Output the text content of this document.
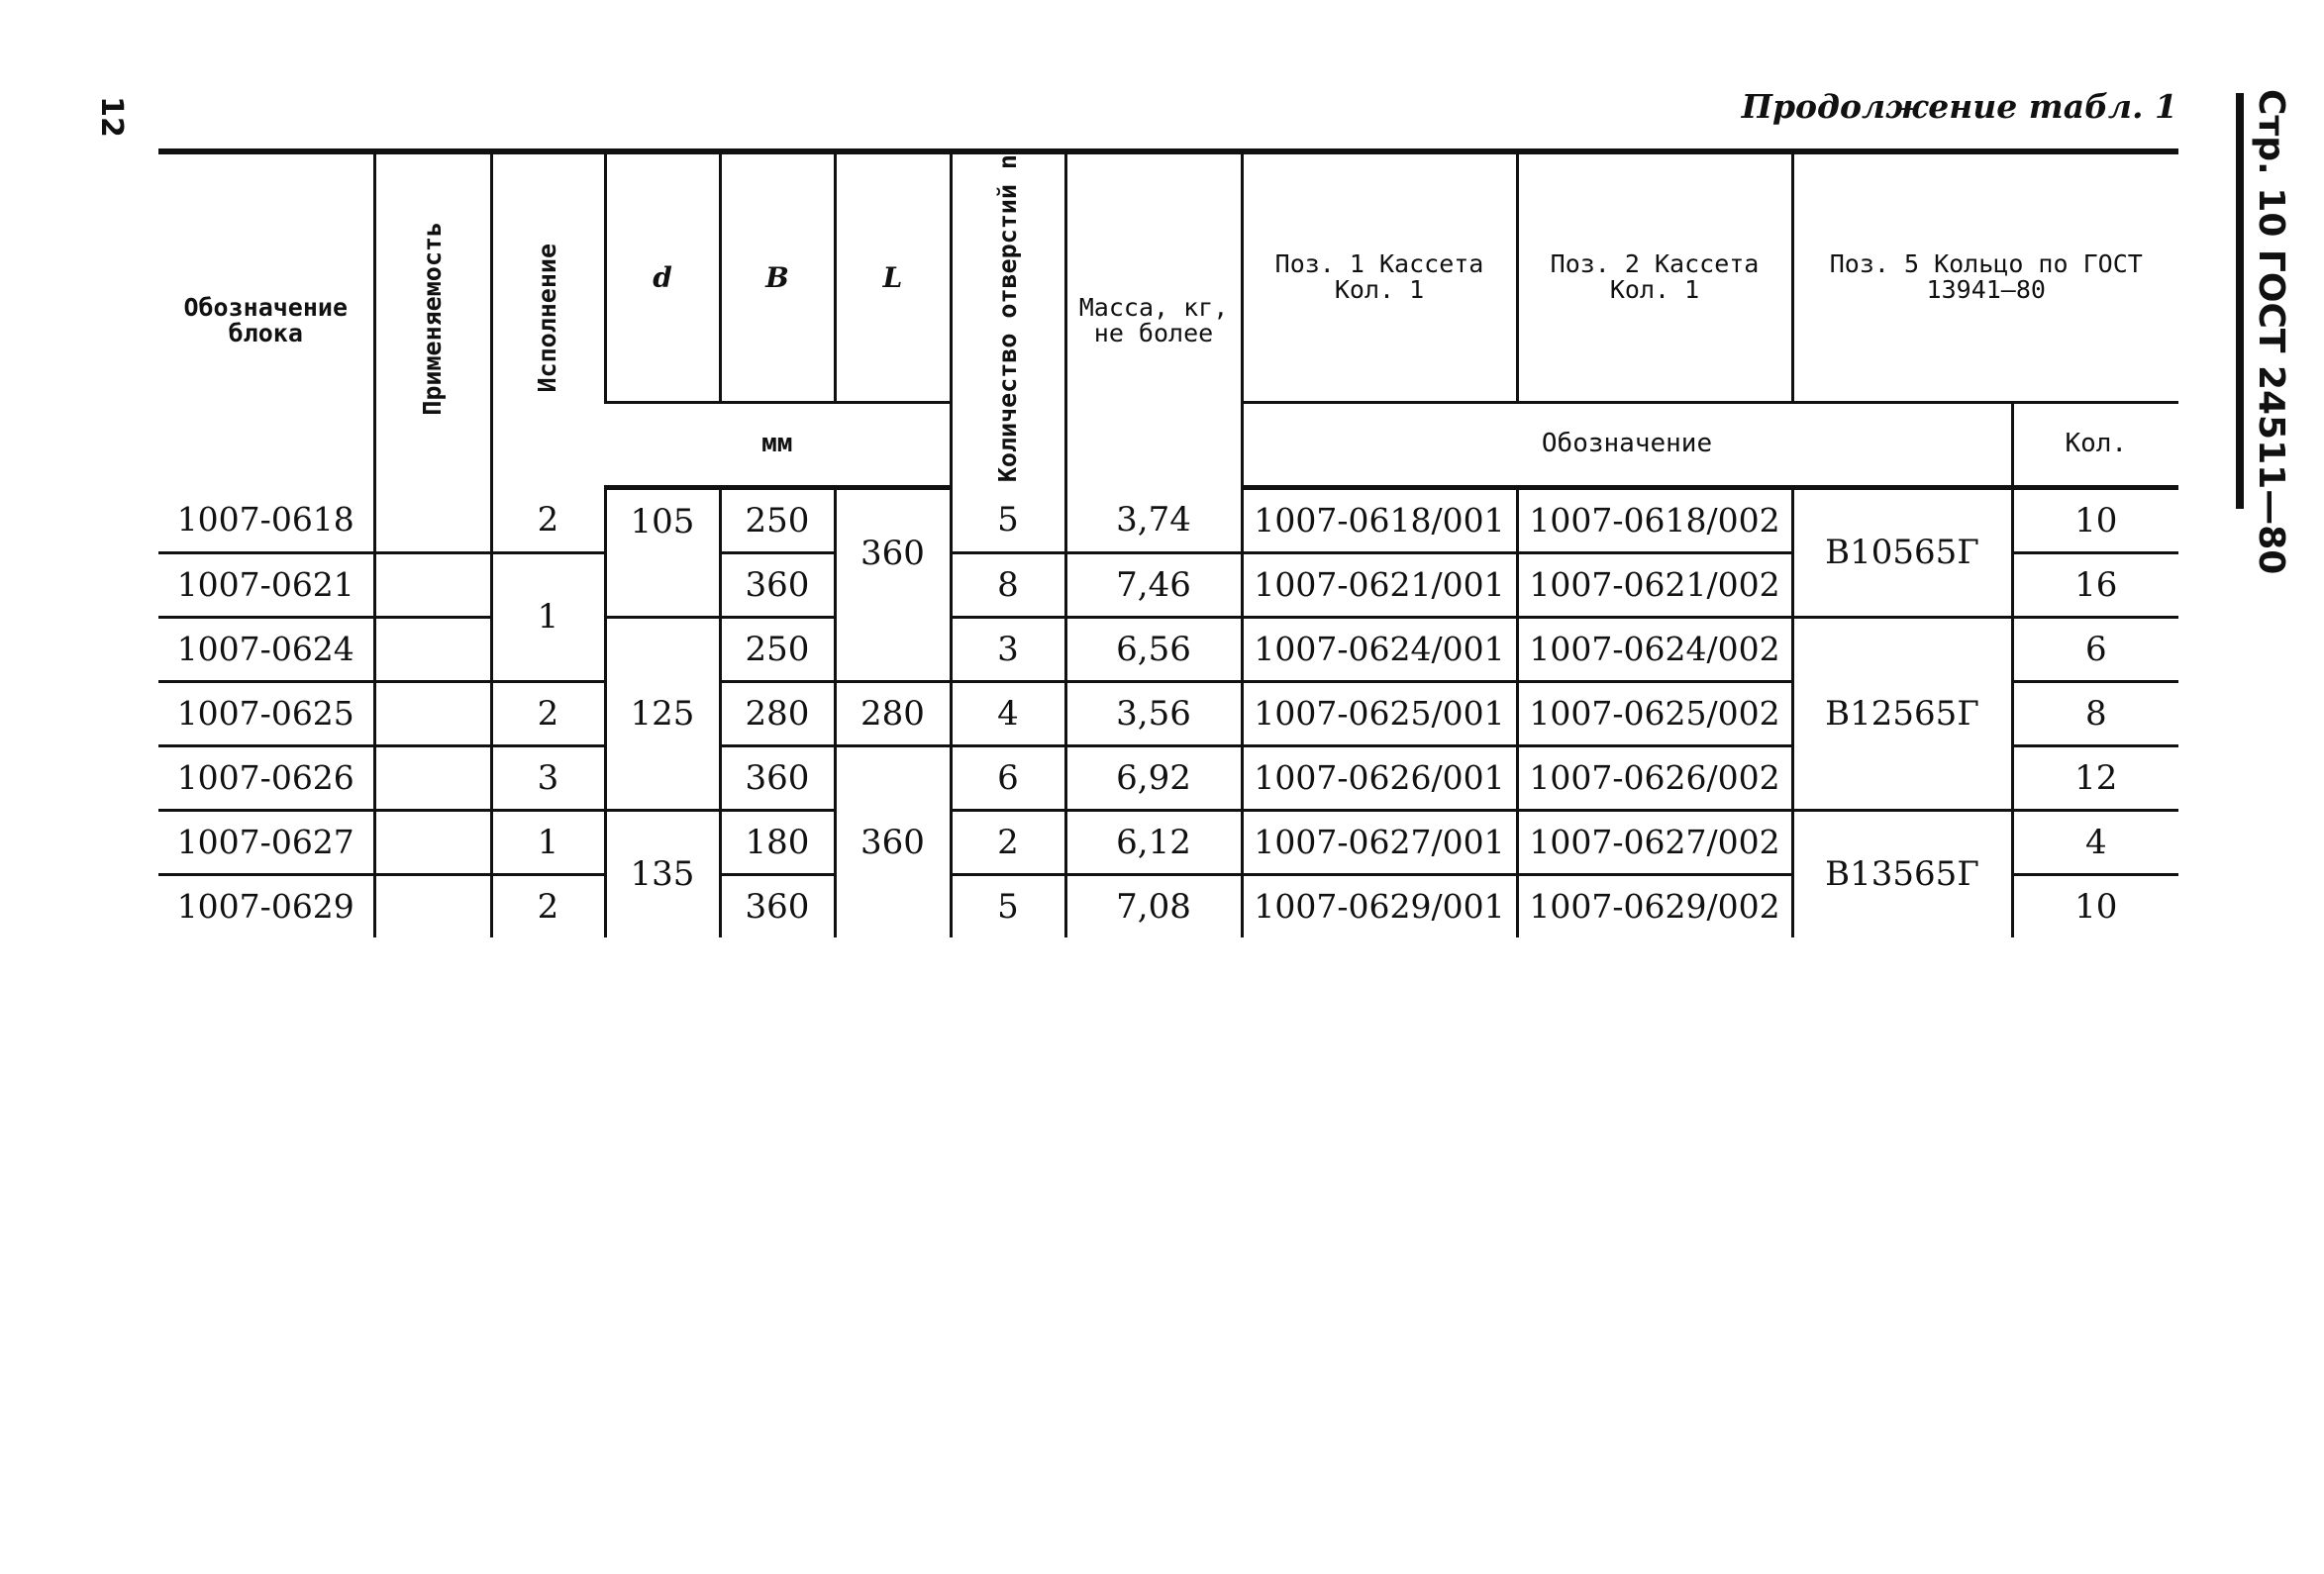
12	Продолжение табл. 1	Стр. 10 ГОСТ 24511—80
Обозначение блока	Применяемость	Исполнение	d	B	L	Количество отверстий n	Масса, кг, не более	Поз. 1 Кассета Кол. 1	Поз. 2 Кассета Кол. 1	Поз. 5 Кольцо по ГОСТ 13941—80	
			мм					Обозначение			Кол.
1007-0618		2	105	250	360	5	3,74	1007-0618/001	1007-0618/002	В10565Г	10
1007-0621		1		360		8	7,46	1007-0621/001	1007-0621/002		16
1007-0624			125	250		3	6,56	1007-0624/001	1007-0624/002	В12565Г	6
1007-0625		2		280	280	4	3,56	1007-0625/001	1007-0625/002		8
1007-0626		3		360	360	6	6,92	1007-0626/001	1007-0626/002		12
1007-0627		1	135	180		2	6,12	1007-0627/001	1007-0627/002	В13565Г	4
1007-0629		2		360		5	7,08	1007-0629/001	1007-0629/002		10
